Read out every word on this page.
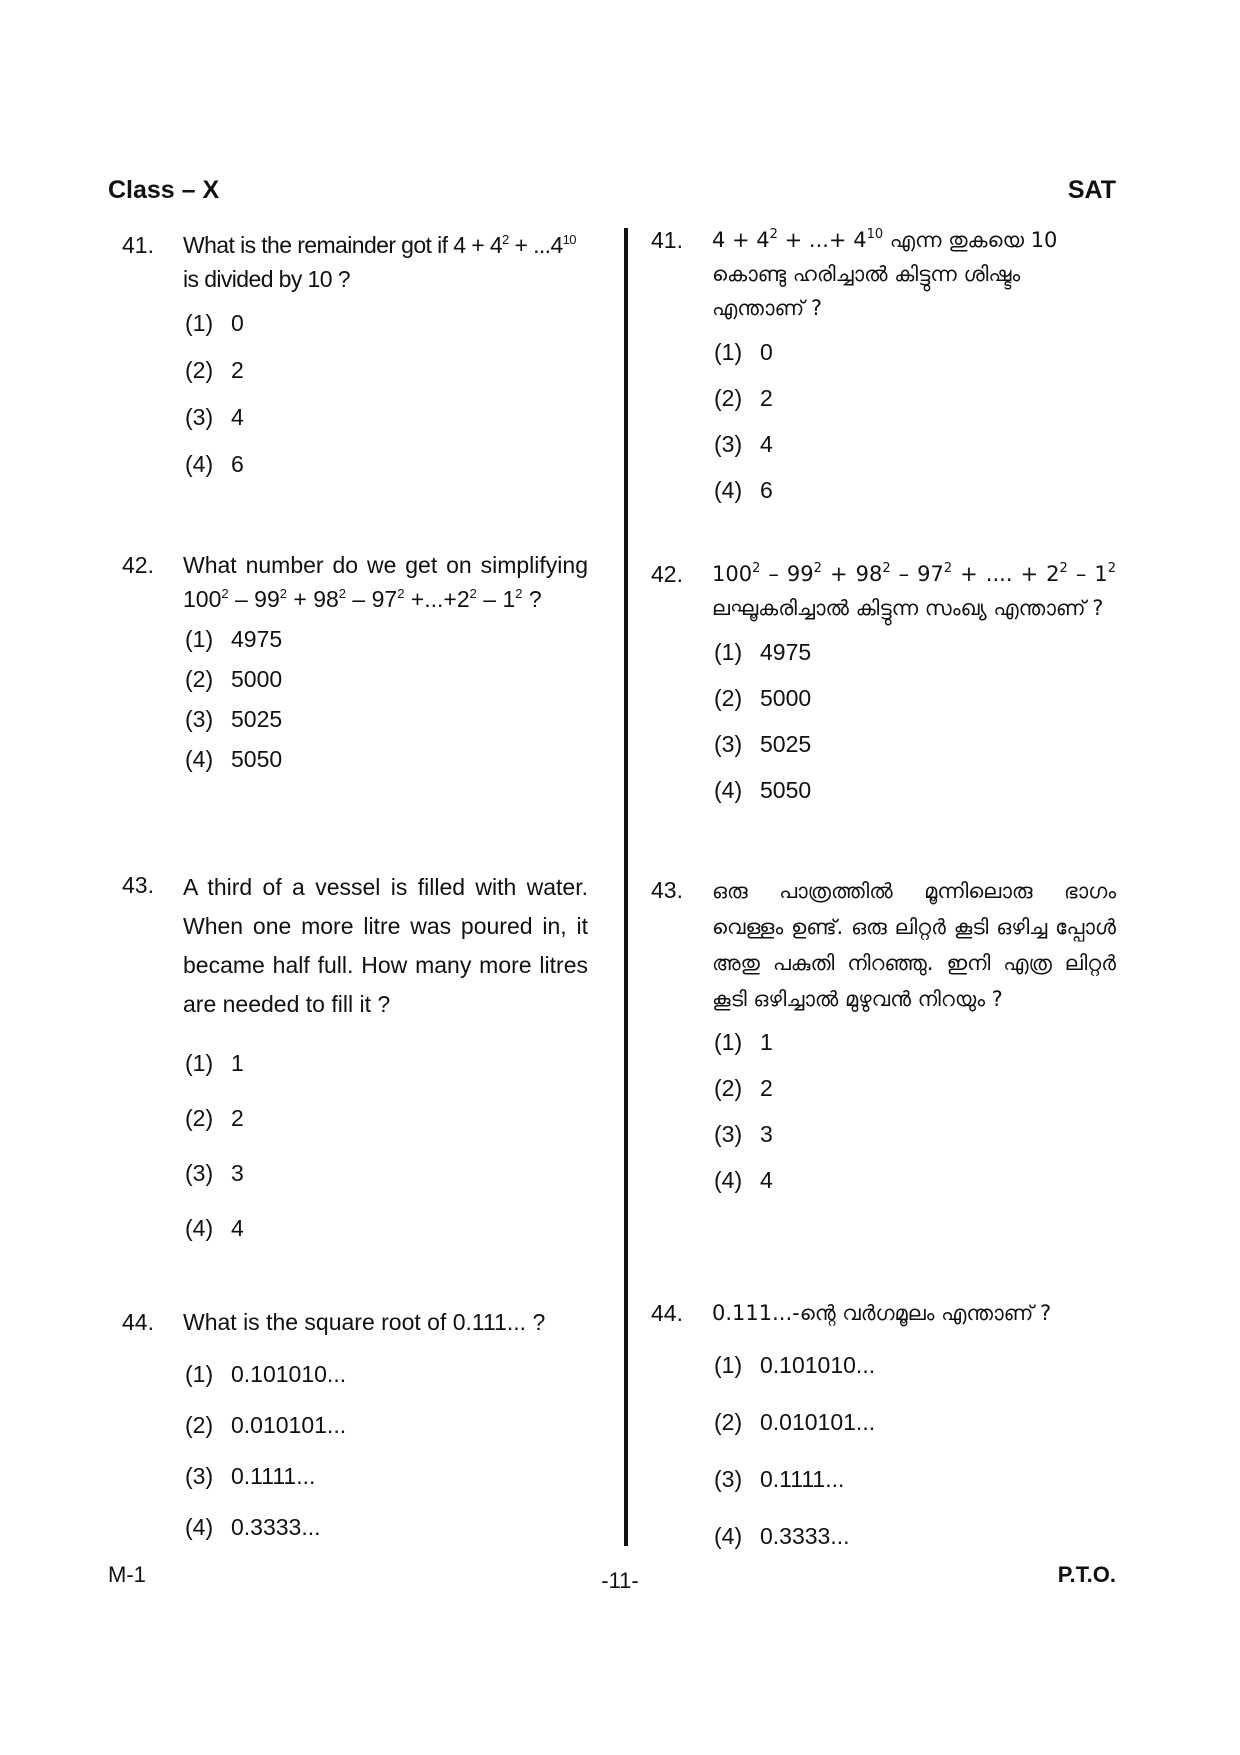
Class – X	SAT
41.	What is the remainder got if $4 + 4^2 + ...4^{10}$ is divided by 10 ?
(1) 0
(2) 2
(3) 4
(4) 6
42.	What number do we get on simplifying $100^2 - 99^2 + 98^2 - 97^2 +...+2^2 - 1^2$ ?
(1) 4975
(2) 5000
(3) 5025
(4) 5050
43.	A third of a vessel is filled with water. When one more litre was poured in, it became half full. How many more litres are needed to fill it ?
(1) 1
(2) 2
(3) 3
(4) 4
44.	What is the square root of 0.111... ?
(1) 0.101010...
(2) 0.010101...
(3) 0.1111...
(4) 0.3333...
41.	$4 + 4^2$ + ...+ $4^{10}$ എന്ന തുകയെ 10 കൊണ്ടു ഹരിച്ചാൽ കിട്ടുന്ന ശിഷ്ടം എന്താണ് ?
(1) 0
(2) 2
(3) 4
(4) 6
42.	$100^2 - 99^2 + 98^2 - 97^2$ + .... + $2^2 - 1^2$ ലഘൂകരിച്ചാൽ കിട്ടുന്ന സംഖ്യ എന്താണ് ?
(1) 4975
(2) 5000
(3) 5025
(4) 5050
43.	ഒരു പാത്രത്തിൽ മൂന്നിലൊരു ഭാഗം വെള്ളം ഉണ്ട്. ഒരു ലിറ്റർ കൂടി ഒഴിച്ച പ്പോൾ അതു പകുതി നിറഞ്ഞു. ഇനി എത്ര ലിറ്റർ കൂടി ഒഴിച്ചാൽ മുഴുവൻ നിറയും ?
(1) 1
(2) 2
(3) 3
(4) 4
44.	0.111...-ന്റെ വർഗമൂലം എന്താണ് ?
(1) 0.101010...
(2) 0.010101...
(3) 0.1111...
(4) 0.3333...
M-1	-11-	P.T.O.
